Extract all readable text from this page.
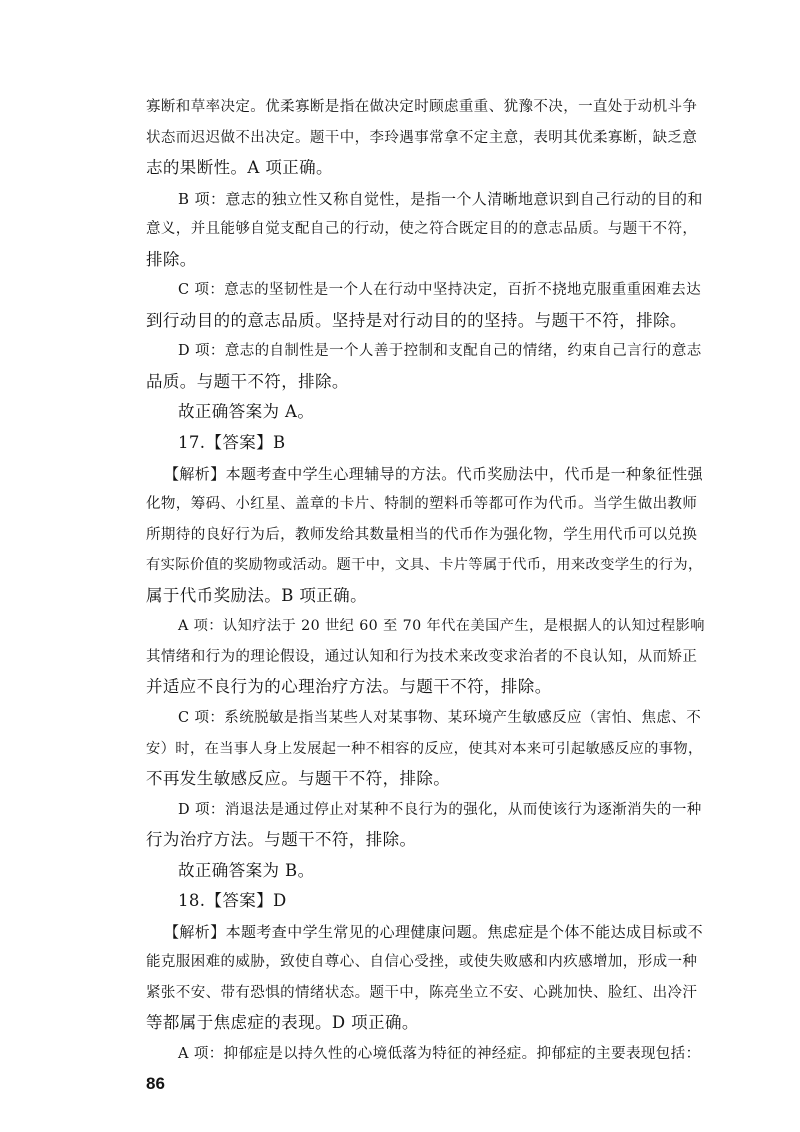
寡断和草率决定。优柔寡断是指在做决定时顾虑重重、犹豫不决，一直处于动机斗争
状态而迟迟做不出决定。题干中，李玲遇事常拿不定主意，表明其优柔寡断，缺乏意
志的果断性。A 项正确。
B 项：意志的独立性又称自觉性，是指一个人清晰地意识到自己行动的目的和
意义，并且能够自觉支配自己的行动，使之符合既定目的的意志品质。与题干不符，
排除。
C 项：意志的坚韧性是一个人在行动中坚持决定，百折不挠地克服重重困难去达
到行动目的的意志品质。坚持是对行动目的的坚持。与题干不符，排除。
D 项：意志的自制性是一个人善于控制和支配自己的情绪，约束自己言行的意志
品质。与题干不符，排除。
故正确答案为 A。
17.【答案】B
【解析】本题考查中学生心理辅导的方法。代币奖励法中，代币是一种象征性强
化物，筹码、小红星、盖章的卡片、特制的塑料币等都可作为代币。当学生做出教师
所期待的良好行为后，教师发给其数量相当的代币作为强化物，学生用代币可以兑换
有实际价值的奖励物或活动。题干中，文具、卡片等属于代币，用来改变学生的行为，
属于代币奖励法。B 项正确。
A 项：认知疗法于 20 世纪 60 至 70 年代在美国产生，是根据人的认知过程影响
其情绪和行为的理论假设，通过认知和行为技术来改变求治者的不良认知，从而矫正
并适应不良行为的心理治疗方法。与题干不符，排除。
C 项：系统脱敏是指当某些人对某事物、某环境产生敏感反应（害怕、焦虑、不
安）时，在当事人身上发展起一种不相容的反应，使其对本来可引起敏感反应的事物，
不再发生敏感反应。与题干不符，排除。
D 项：消退法是通过停止对某种不良行为的强化，从而使该行为逐渐消失的一种
行为治疗方法。与题干不符，排除。
故正确答案为 B。
18.【答案】D
【解析】本题考查中学生常见的心理健康问题。焦虑症是个体不能达成目标或不
能克服困难的威胁，致使自尊心、自信心受挫，或使失败感和内疚感增加，形成一种
紧张不安、带有恐惧的情绪状态。题干中，陈亮坐立不安、心跳加快、脸红、出冷汗
等都属于焦虑症的表现。D 项正确。
A 项：抑郁症是以持久性的心境低落为特征的神经症。抑郁症的主要表现包括：
86
